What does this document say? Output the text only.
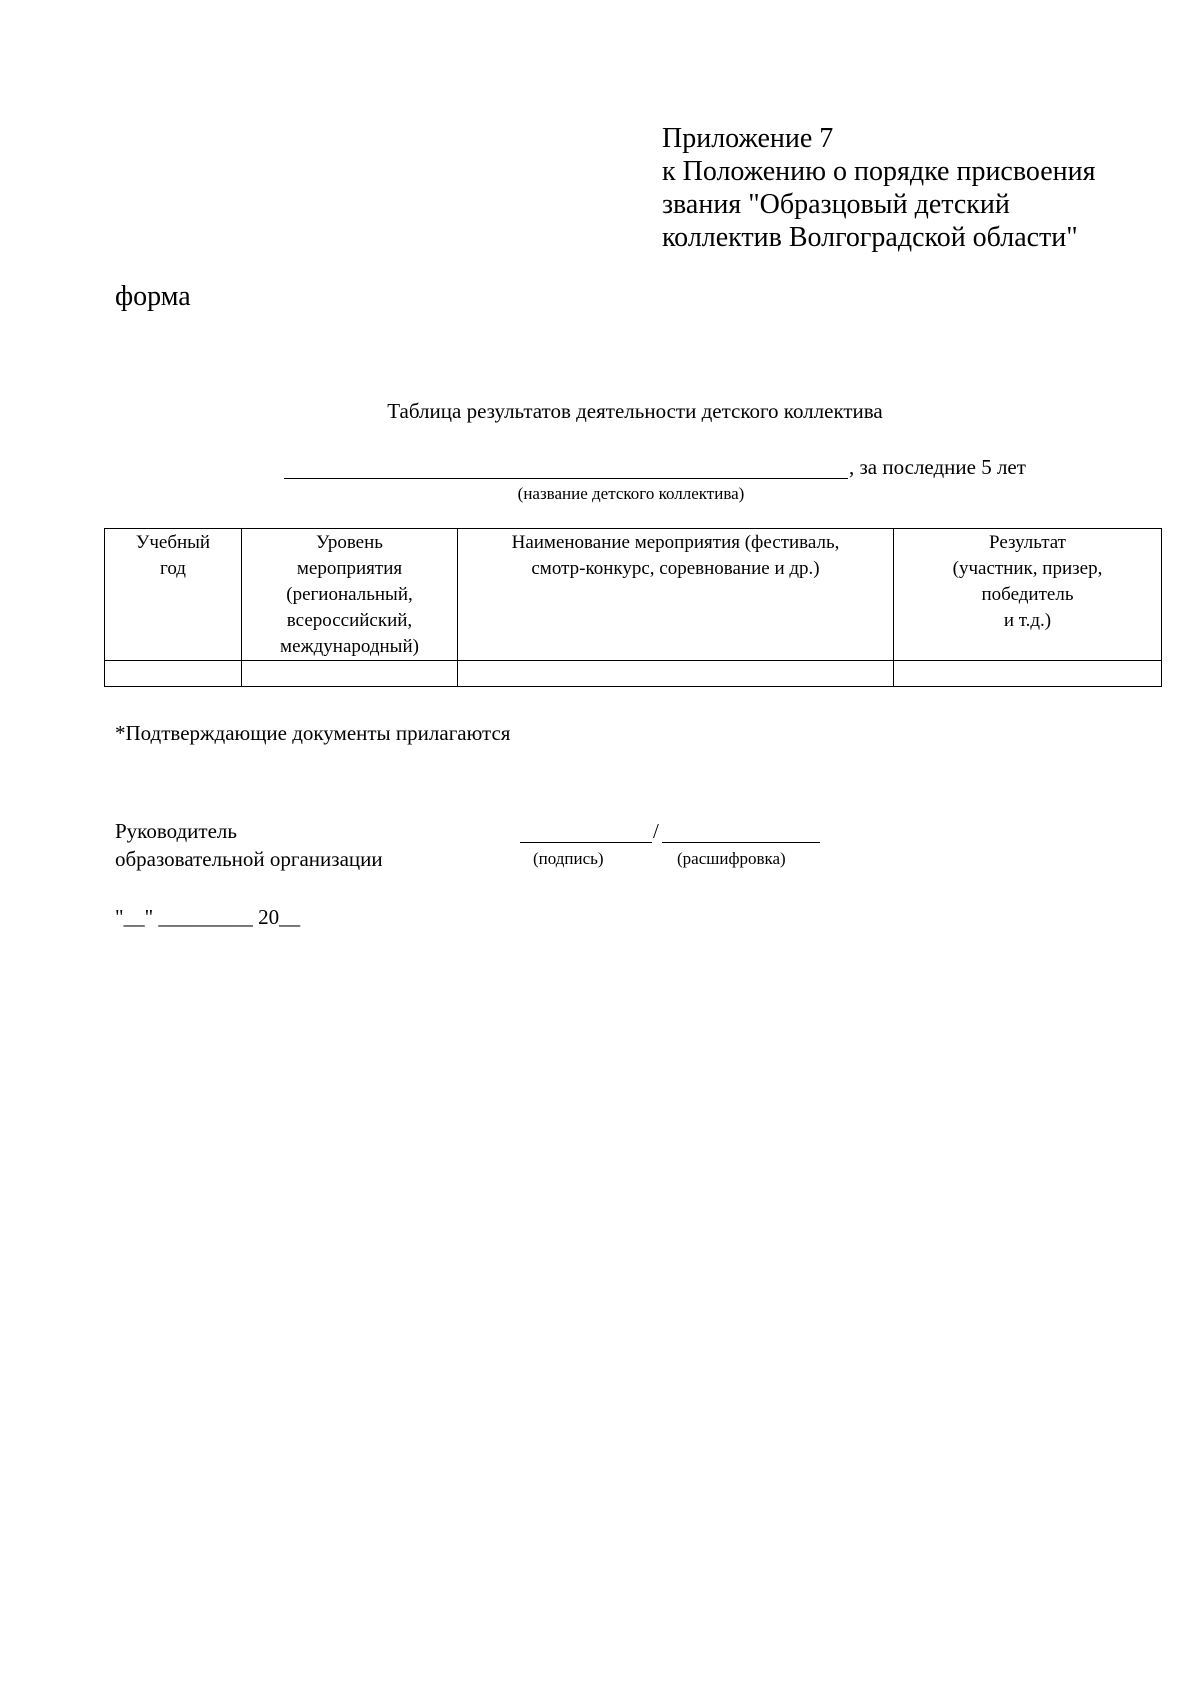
Приложение 7
к Положению о порядке присвоения
звания "Образцовый детский
коллектив Волгоградской области"
форма
Таблица результатов деятельности детского коллектива
, за последние 5 лет
(название детского коллектива)
Учебный
год	Уровень
мероприятия
(региональный,
всероссийский,
международный)	Наименование мероприятия (фестиваль,
смотр-конкурс, соревнование и др.)	Результат
(участник, призер,
победитель
и т.д.)

*Подтверждающие документы прилагаются
Руководитель
образовательной организации
/
(подпись)	(расшифровка)
"__" _________ 20__
